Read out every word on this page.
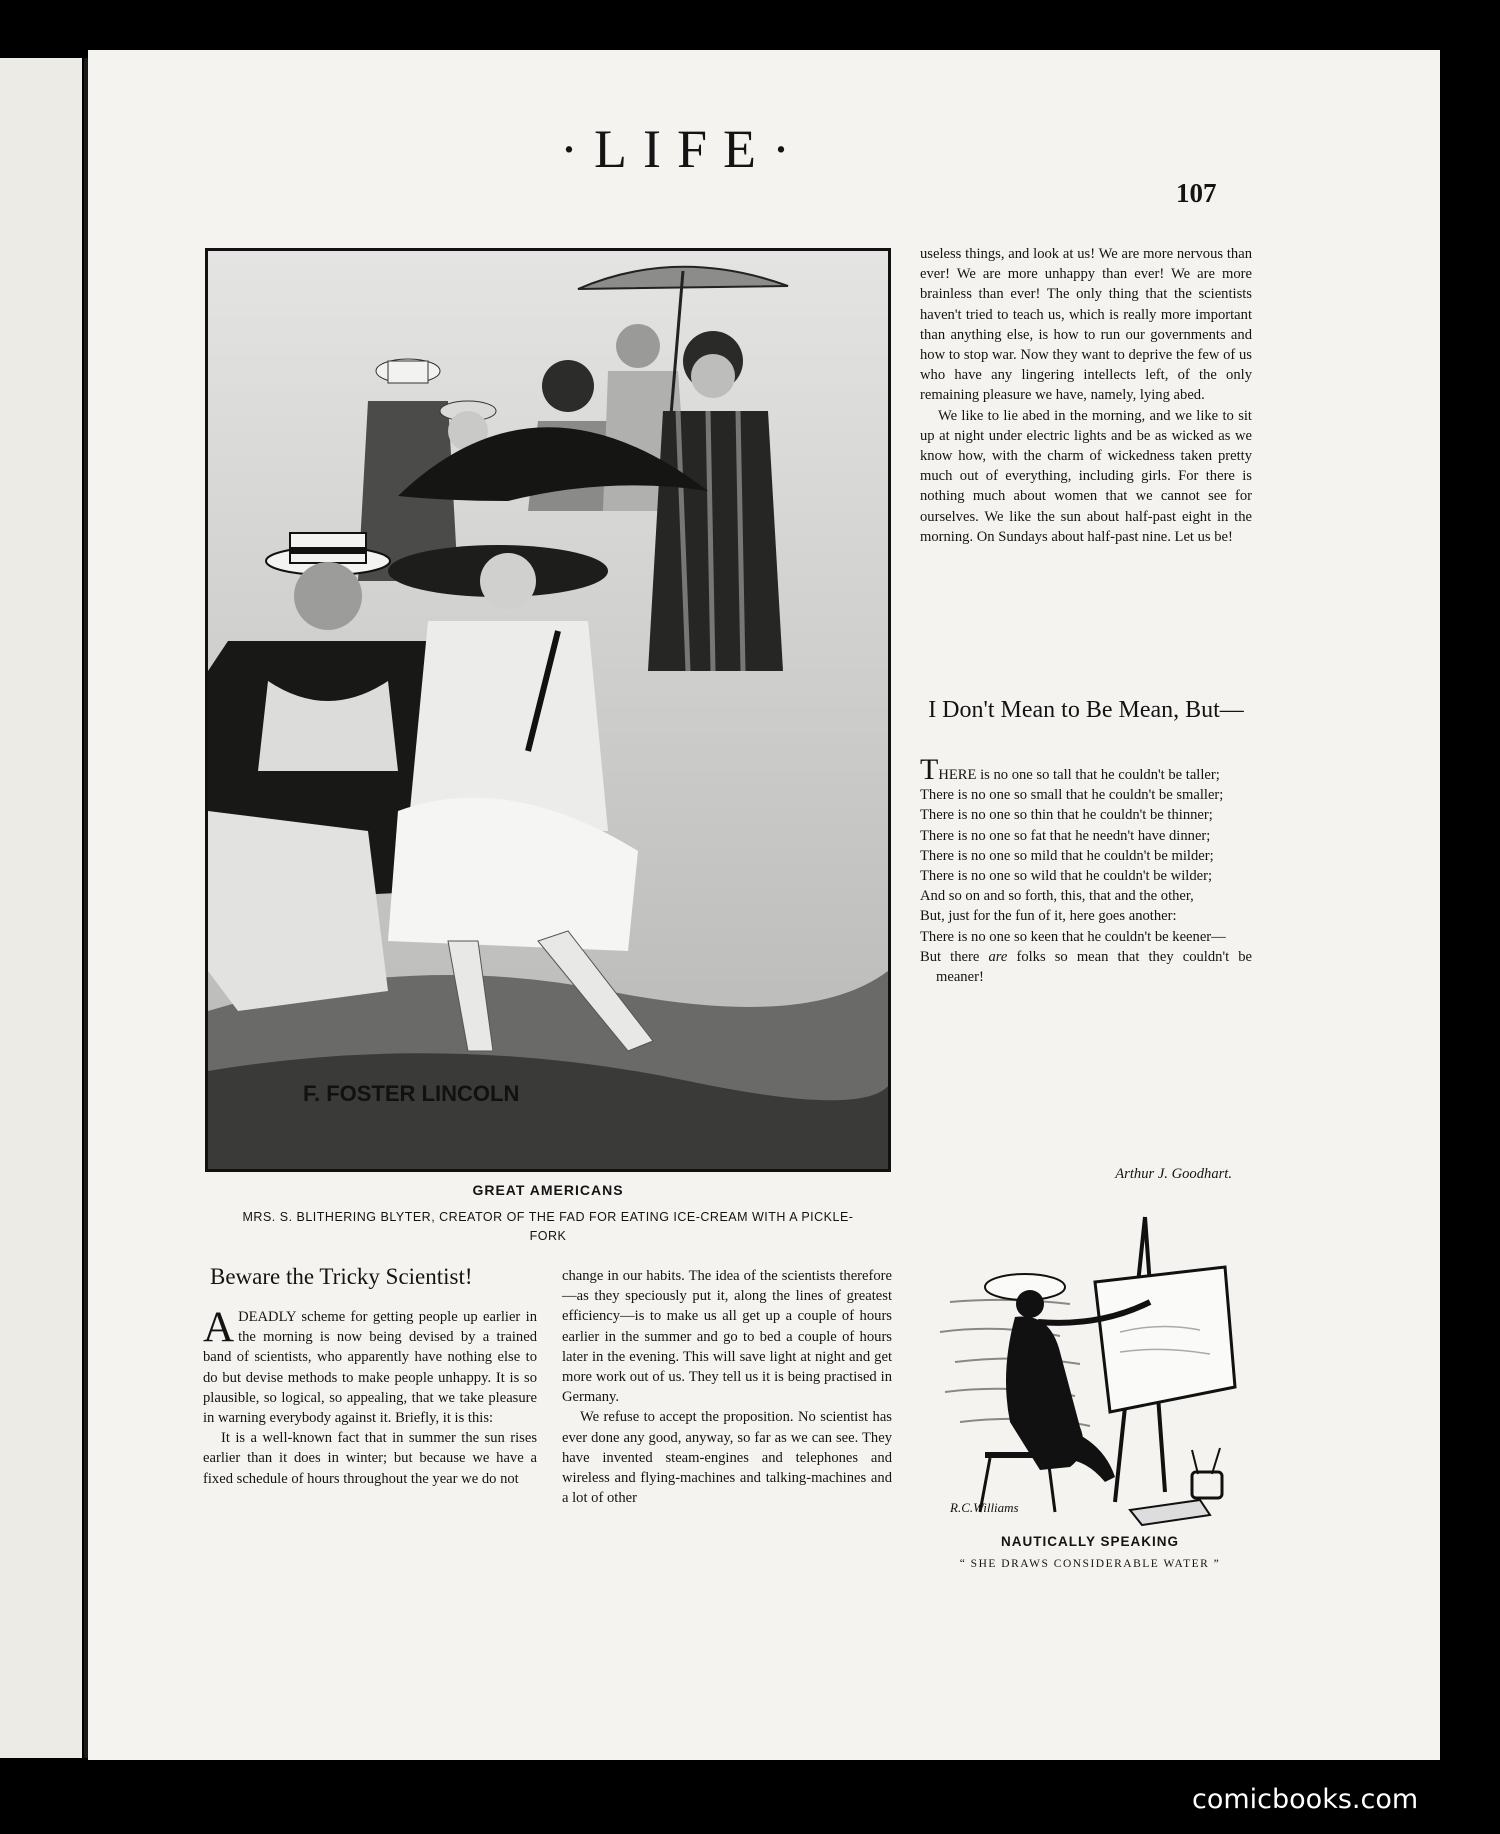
·LIFE·
107
F. FOSTER LINCOLN
GREAT AMERICANS
MRS. S. BLITHERING BLYTER, CREATOR OF THE FAD FOR EATING ICE-CREAM WITH A PICKLE-FORK

useless things, and look at us! We are more nervous than ever! We are more unhappy than ever! We are more brainless than ever! The only thing that the scientists haven't tried to teach us, which is really more important than anything else, is how to run our governments and how to stop war. Now they want to deprive the few of us who have any lingering intellects left, of the only remaining pleasure we have, namely, lying abed.

We like to lie abed in the morning, and we like to sit up at night under electric lights and be as wicked as we know how, with the charm of wickedness taken pretty much out of everything, including girls. For there is nothing much about women that we cannot see for ourselves. We like the sun about half-past eight in the morning. On Sundays about half-past nine. Let us be!

I Don't Mean to Be Mean, But—
THERE is no one so tall that he couldn't be taller;
There is no one so small that he couldn't be smaller;
There is no one so thin that he couldn't be thinner;
There is no one so fat that he needn't have dinner;
There is no one so mild that he couldn't be milder;
There is no one so wild that he couldn't be wilder;
And so on and so forth, this, that and the other,
But, just for the fun of it, here goes another:
There is no one so keen that he couldn't be keener—
But there are folks so mean that they couldn't be meaner!
Arthur J. Goodhart.
Beware the Tricky Scientist!

ADEADLY scheme for getting people up earlier in the morning is now being devised by a trained band of scientists, who apparently have nothing else to do but devise methods to make people unhappy. It is so plausible, so logical, so appealing, that we take pleasure in warning everybody against it. Briefly, it is this:

It is a well-known fact that in summer the sun rises earlier than it does in winter; but because we have a fixed schedule of hours throughout the year we do not

change in our habits. The idea of the scientists therefore—as they speciously put it, along the lines of greatest efficiency—is to make us all get up a couple of hours earlier in the summer and go to bed a couple of hours later in the evening. This will save light at night and get more work out of us. They tell us it is being practised in Germany.

We refuse to accept the proposition. No scientist has ever done any good, anyway, so far as we can see. They have invented steam-engines and telephones and wireless and flying-machines and talking-machines and a lot of other

R.C.Williams
NAUTICALLY SPEAKING
“ SHE DRAWS CONSIDERABLE WATER ”
comicbooks.com
